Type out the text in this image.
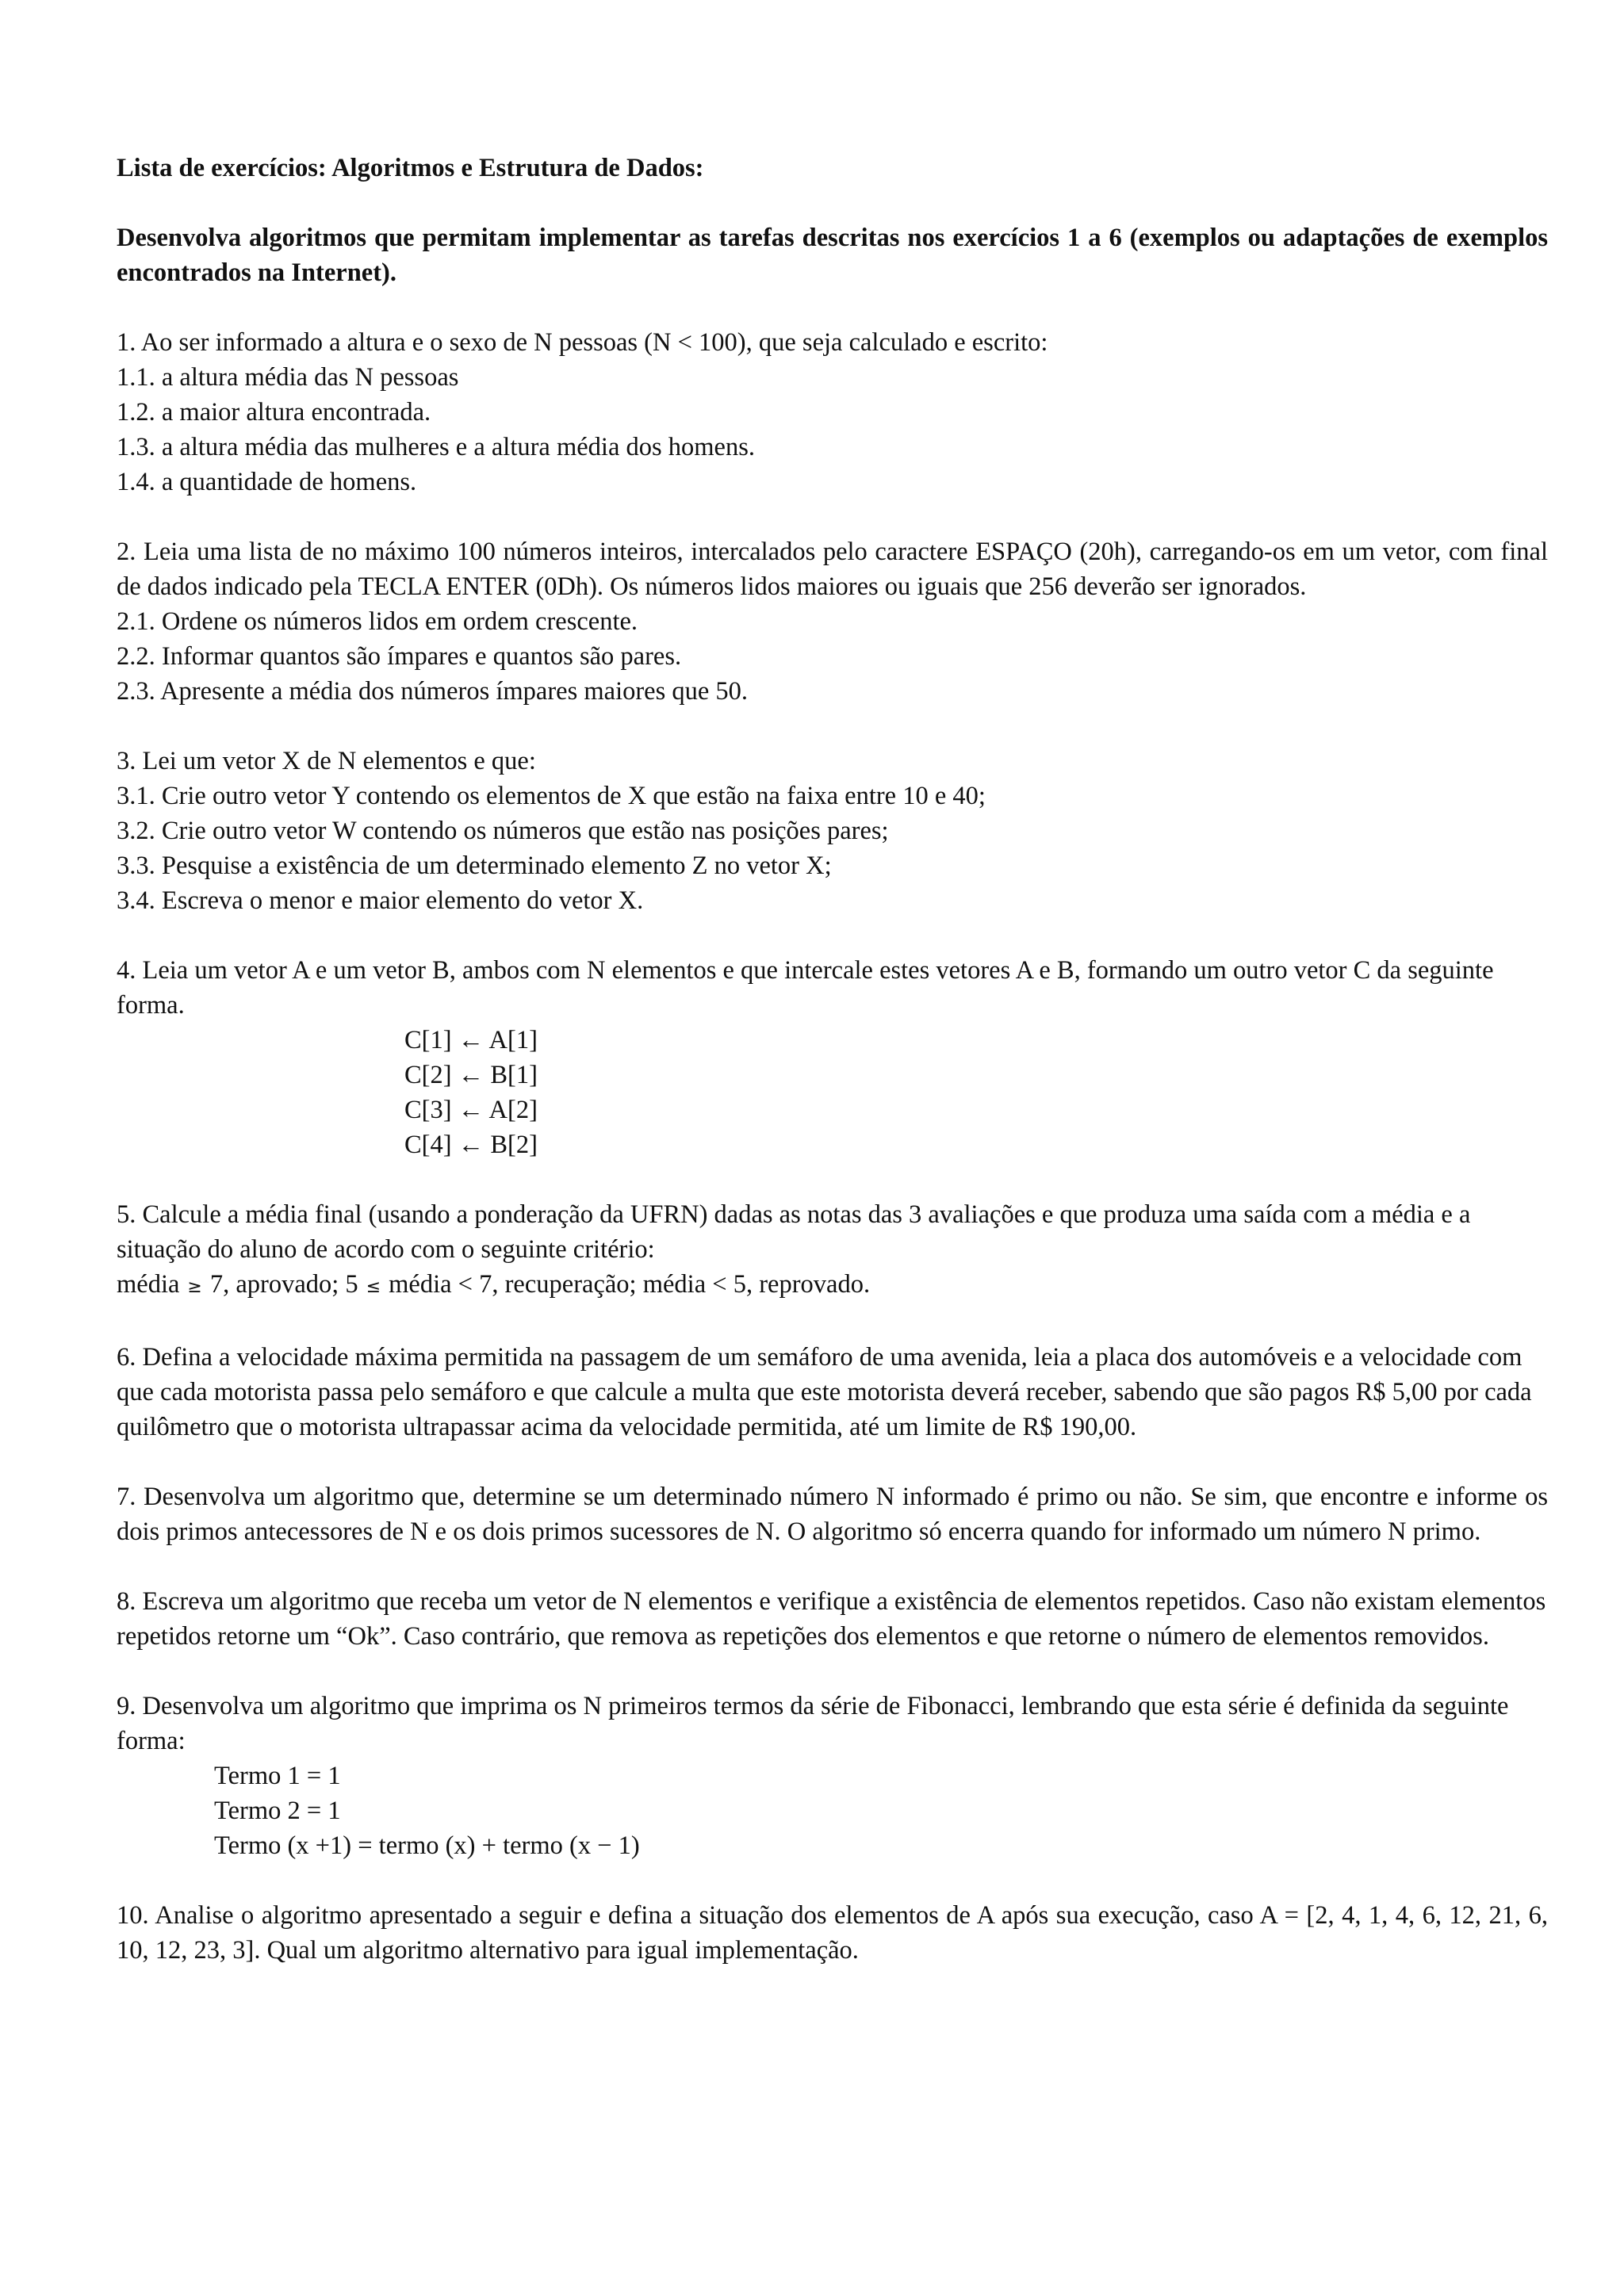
Lista de exercícios: Algoritmos e Estrutura de Dados:

Desenvolva algoritmos que permitam implementar as tarefas descritas nos exercícios 1 a 6 (exemplos ou adaptações de exemplos encontrados na Internet).

1. Ao ser informado a altura e o sexo de N pessoas (N < 100), que seja calculado e escrito:

1.1. a altura média das N pessoas
1.2. a maior altura encontrada.
1.3. a altura média das mulheres e a altura média dos homens.
1.4. a quantidade de homens.

2. Leia uma lista de no máximo 100 números inteiros, intercalados pelo caractere ESPAÇO (20h), carregando-os em um vetor, com final de dados indicado pela TECLA ENTER (0Dh). Os números lidos maiores ou iguais que 256 deverão ser ignorados.

2.1. Ordene os números lidos em ordem crescente.
2.2. Informar quantos são ímpares e quantos são pares.
2.3. Apresente a média dos números ímpares maiores que 50.

3. Lei um vetor X de N elementos e que:

3.1. Crie outro vetor Y contendo os elementos de X que estão na faixa entre 10 e 40;
3.2. Crie outro vetor W contendo os números que estão nas posições pares;
3.3. Pesquise a existência de um determinado elemento Z no vetor X;
3.4. Escreva o menor e maior elemento do vetor X.

4. Leia um vetor A e um vetor B, ambos com N elementos e que intercale estes vetores A e B, formando um outro vetor C da seguinte forma.

C[1] ← A[1]

C[2] ← B[1]

C[3] ← A[2]

C[4] ← B[2]

5. Calcule a média final (usando a ponderação da UFRN) dadas as notas das 3 avaliações e que produza uma saída com a média e a situação do aluno de acordo com o seguinte critério:

média ≥ 7, aprovado; 5 ≤ média < 7, recuperação; média < 5, reprovado.

6. Defina a velocidade máxima permitida na passagem de um semáforo de uma avenida, leia a placa dos automóveis e a velocidade com que cada motorista passa pelo semáforo e que calcule a multa que este motorista deverá receber, sabendo que são pagos R$ 5,00 por cada quilômetro que o motorista ultrapassar acima da velocidade permitida, até um limite de R$ 190,00.

7. Desenvolva um algoritmo que, determine se um determinado número N informado é primo ou não. Se sim, que encontre e informe os dois primos antecessores de N e os dois primos sucessores de N. O algoritmo só encerra quando for informado um número N primo.

8. Escreva um algoritmo que receba um vetor de N elementos e verifique a existência de elementos repetidos. Caso não existam elementos repetidos retorne um “Ok”. Caso contrário, que remova as repetições dos elementos e que retorne o número de elementos removidos.

9. Desenvolva um algoritmo que imprima os N primeiros termos da série de Fibonacci, lembrando que esta série é definida da seguinte forma:

Termo 1 = 1

Termo 2 = 1

Termo (x +1) = termo (x) + termo (x − 1)

10. Analise o algoritmo apresentado a seguir e defina a situação dos elementos de A após sua execução, caso A = [2, 4, 1, 4, 6, 12, 21, 6, 10, 12, 23, 3]. Qual um algoritmo alternativo para igual implementação.
